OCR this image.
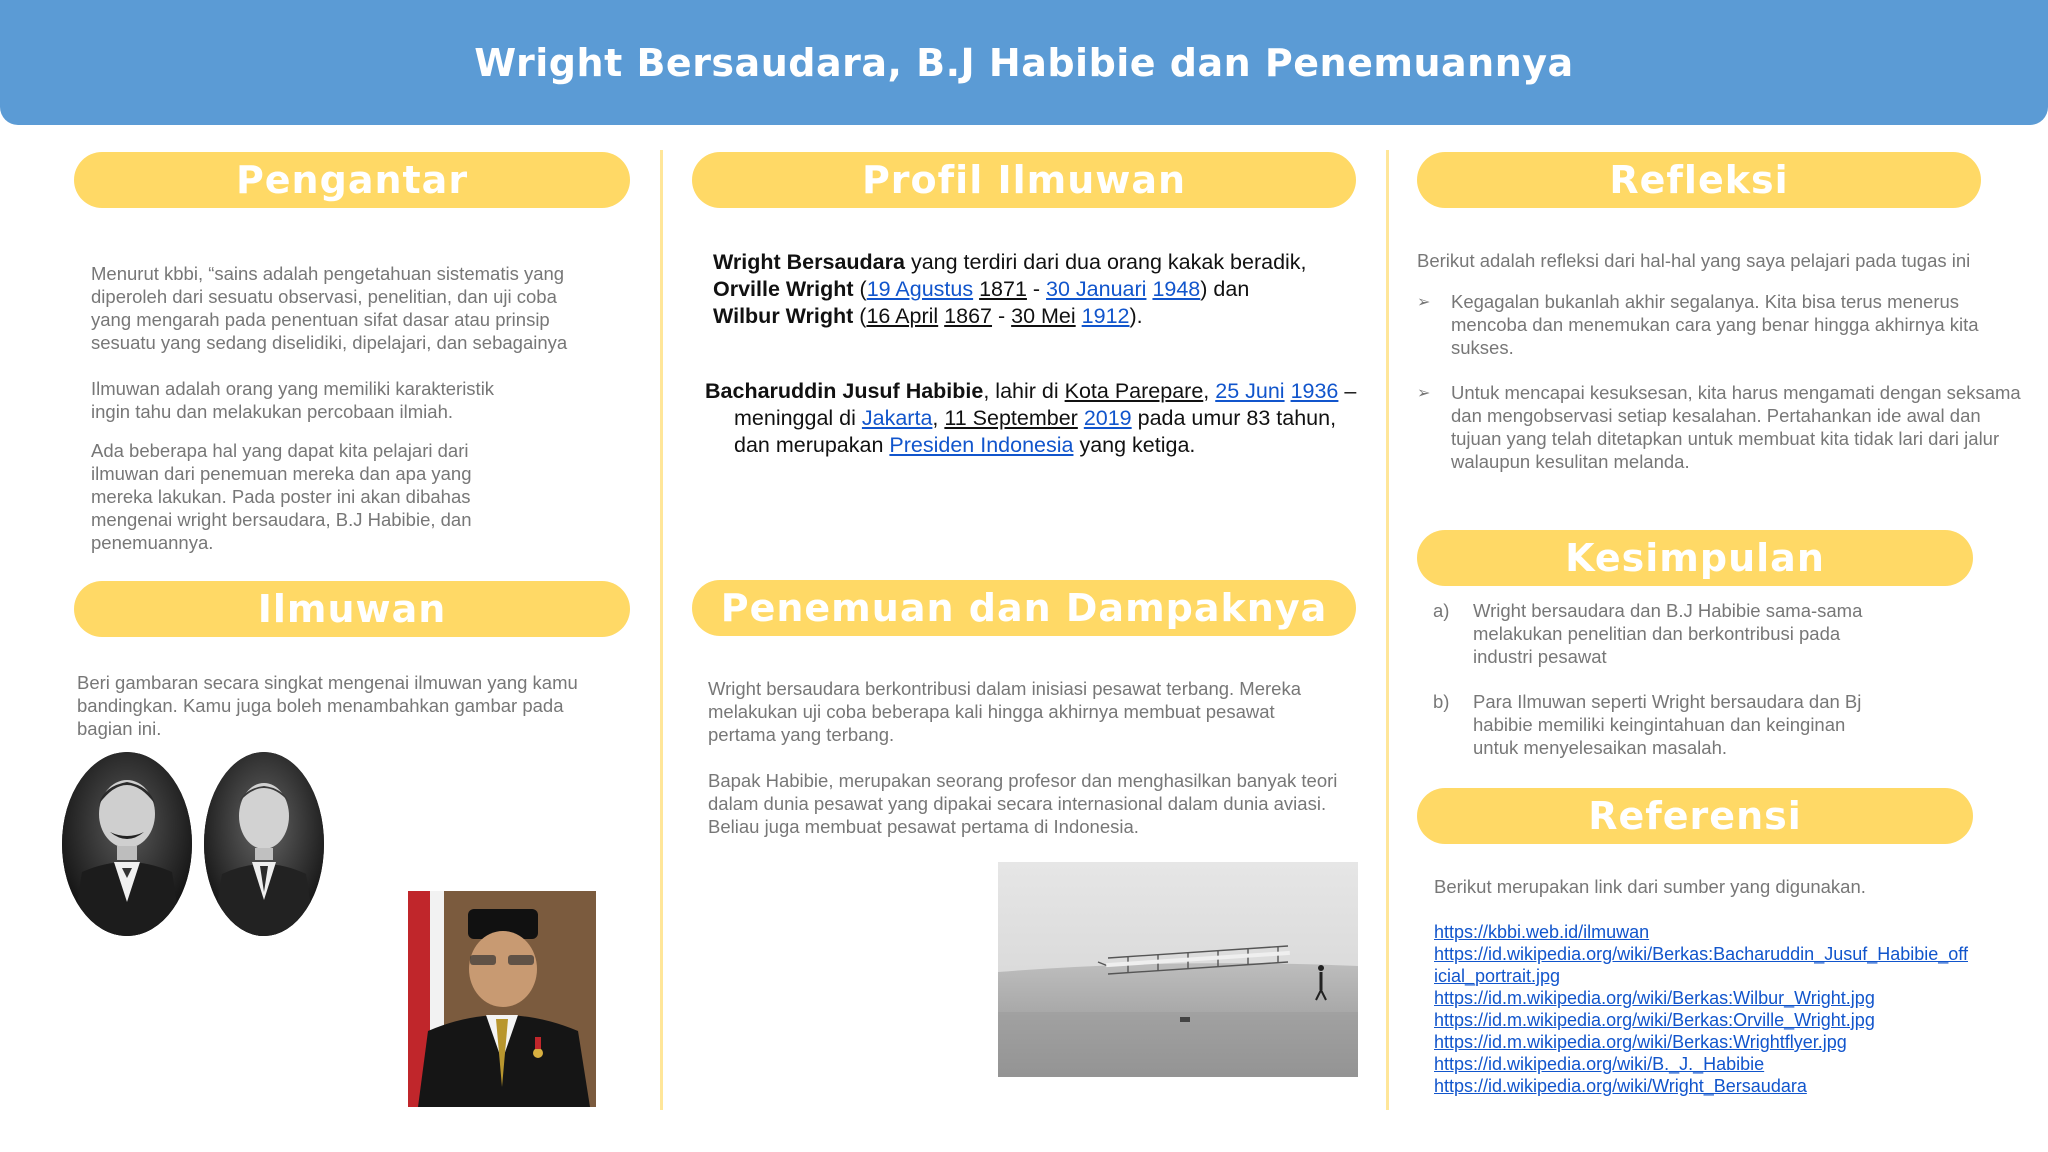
Wright Bersaudara, B.J Habibie dan Penemuannya
Pengantar

Menurut kbbi, “sains adalah pengetahuan sistematis yang diperoleh dari sesuatu observasi, penelitian, dan uji coba yang mengarah pada penentuan sifat dasar atau prinsip sesuatu yang sedang diselidiki, dipelajari, dan sebagainya

Ilmuwan adalah orang yang memiliki karakteristik ingin tahu dan melakukan percobaan ilmiah.

Ada beberapa hal yang dapat kita pelajari dari ilmuwan dari penemuan mereka dan apa yang mereka lakukan. Pada poster ini akan dibahas mengenai wright bersaudara, B.J Habibie, dan penemuannya.

Ilmuwan

Beri gambaran secara singkat mengenai ilmuwan yang kamu bandingkan. Kamu juga boleh menambahkan gambar pada bagian ini.

Profil Ilmuwan

Wright Bersaudara yang terdiri dari dua orang kakak beradik,
Orville Wright (19 Agustus 1871 - 30 Januari 1948) dan
Wilbur Wright (16 April 1867 - 30 Mei 1912).

Bacharuddin Jusuf Habibie, lahir di Kota Parepare, 25 Juni 1936 – meninggal di Jakarta, 11 September 2019 pada umur 83 tahun, dan merupakan Presiden Indonesia yang ketiga.

Penemuan dan Dampaknya

Wright bersaudara berkontribusi dalam inisiasi pesawat terbang. Mereka melakukan uji coba beberapa kali hingga akhirnya membuat pesawat pertama yang terbang.

Bapak Habibie, merupakan seorang profesor dan menghasilkan banyak teori dalam dunia pesawat yang dipakai secara internasional dalam dunia aviasi. Beliau juga membuat pesawat pertama di Indonesia.

Refleksi

Berikut adalah refleksi dari hal-hal yang saya pelajari pada tugas ini

➢	Kegagalan bukanlah akhir segalanya. Kita bisa terus menerus mencoba dan menemukan cara yang benar hingga akhirnya kita sukses.
➢	Untuk mencapai kesuksesan, kita harus mengamati dengan seksama dan mengobservasi setiap kesalahan. Pertahankan ide awal dan tujuan yang telah ditetapkan untuk membuat kita tidak lari dari jalur walaupun kesulitan melanda.
Kesimpulan
a)	Wright bersaudara dan B.J Habibie sama-sama melakukan penelitian dan berkontribusi pada industri pesawat
b)	Para Ilmuwan seperti Wright bersaudara dan Bj habibie memiliki keingintahuan dan keinginan untuk menyelesaikan masalah.
Referensi
Berikut merupakan link dari sumber yang digunakan.
https://kbbi.web.id/ilmuwan
https://id.wikipedia.org/wiki/Berkas:Bacharuddin_Jusuf_Habibie_official_portrait.jpg
https://id.m.wikipedia.org/wiki/Berkas:Wilbur_Wright.jpg
https://id.m.wikipedia.org/wiki/Berkas:Orville_Wright.jpg
https://id.m.wikipedia.org/wiki/Berkas:Wrightflyer.jpg
https://id.wikipedia.org/wiki/B._J._Habibie
https://id.wikipedia.org/wiki/Wright_Bersaudara
